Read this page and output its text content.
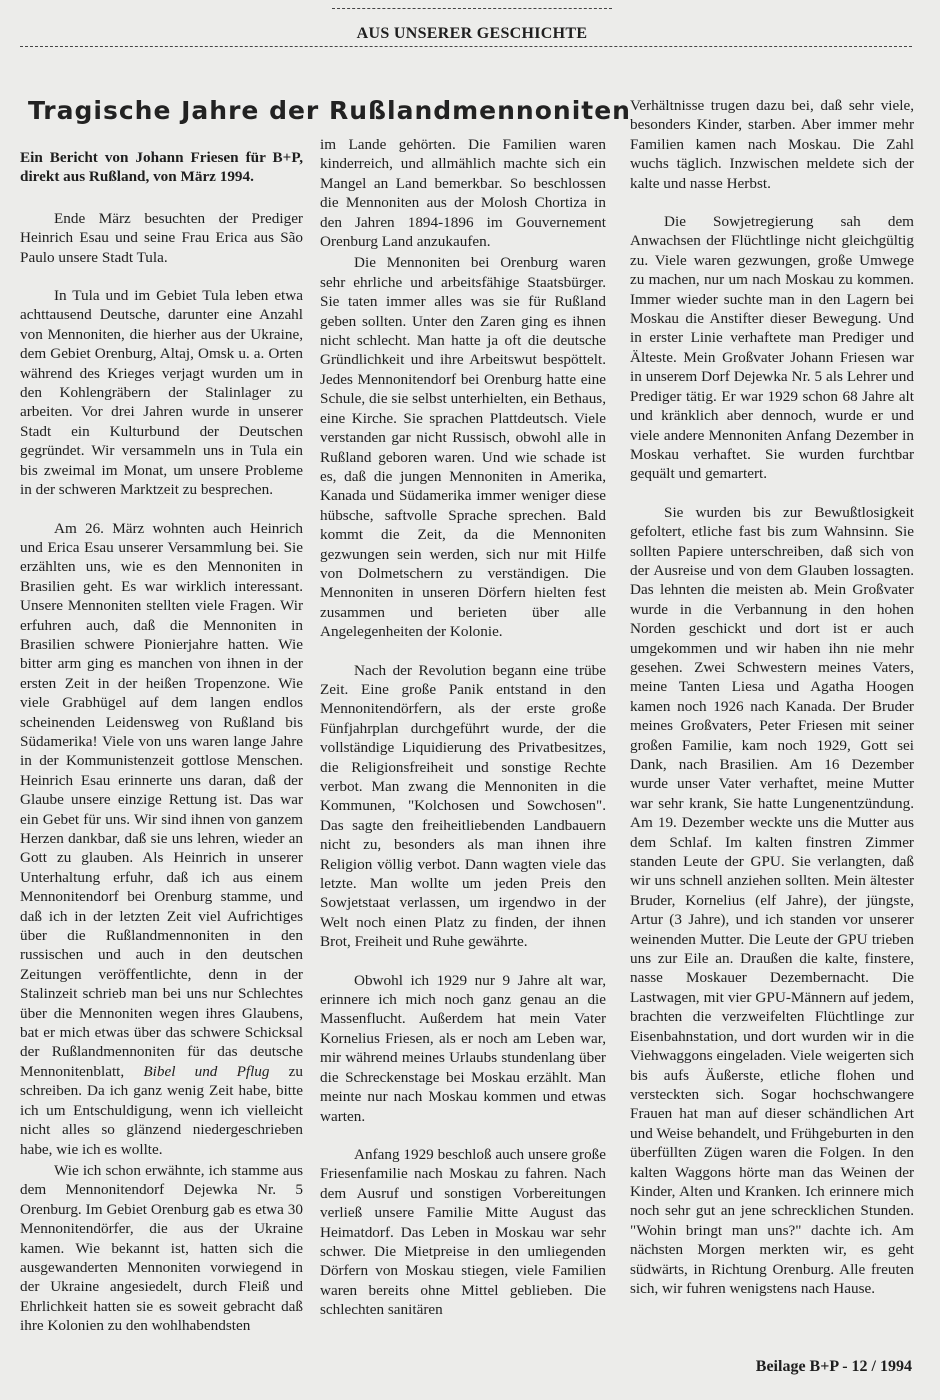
AUS UNSERER GESCHICHTE
Tragische Jahre der Rußlandmennoniten

Ein Bericht von Johann Friesen für B+P, direkt aus Rußland, von März 1994.

Ende März besuchten der Prediger Heinrich Esau und seine Frau Erica aus São Paulo unsere Stadt Tula.

In Tula und im Gebiet Tula leben etwa achttausend Deutsche, darunter eine Anzahl von Mennoniten, die hierher aus der Ukraine, dem Gebiet Orenburg, Altaj, Omsk u. a. Orten während des Krieges verjagt wurden um in den Kohlengräbern der Stalinlager zu arbeiten. Vor drei Jahren wurde in unserer Stadt ein Kulturbund der Deutschen gegründet. Wir versammeln uns in Tula ein bis zweimal im Monat, um unsere Probleme in der schweren Marktzeit zu besprechen.

Am 26. März wohnten auch Heinrich und Erica Esau unserer Versammlung bei. Sie erzählten uns, wie es den Mennoniten in Brasilien geht. Es war wirklich interessant. Unsere Mennoniten stellten viele Fragen. Wir erfuhren auch, daß die Mennoniten in Brasilien schwere Pionierjahre hatten. Wie bitter arm ging es manchen von ihnen in der ersten Zeit in der heißen Tropenzone. Wie viele Grabhügel auf dem langen endlos scheinenden Leidensweg von Rußland bis Südamerika! Viele von uns waren lange Jahre in der Kommunistenzeit gottlose Menschen. Heinrich Esau erinnerte uns daran, daß der Glaube unsere einzige Rettung ist. Das war ein Gebet für uns. Wir sind ihnen von ganzem Herzen dankbar, daß sie uns lehren, wieder an Gott zu glauben. Als Heinrich in unserer Unterhaltung erfuhr, daß ich aus einem Mennonitendorf bei Orenburg stamme, und daß ich in der letzten Zeit viel Aufrichtiges über die Rußlandmennoniten in den russischen und auch in den deutschen Zeitungen veröffentlichte, denn in der Stalinzeit schrieb man bei uns nur Schlechtes über die Mennoniten wegen ihres Glaubens, bat er mich etwas über das schwere Schicksal der Rußlandmennoniten für das deutsche Mennonitenblatt, Bibel und Pflug zu schreiben. Da ich ganz wenig Zeit habe, bitte ich um Entschuldigung, wenn ich vielleicht nicht alles so glänzend niedergeschrieben habe, wie ich es wollte.

Wie ich schon erwähnte, ich stamme aus dem Mennonitendorf Dejewka Nr. 5 Orenburg. Im Gebiet Orenburg gab es etwa 30 Mennonitendörfer, die aus der Ukraine kamen. Wie bekannt ist, hatten sich die ausgewanderten Mennoniten vorwiegend in der Ukraine angesiedelt, durch Fleiß und Ehrlichkeit hatten sie es soweit gebracht daß ihre Kolonien zu den wohlhabendsten

im Lande gehörten. Die Familien waren kinderreich, und allmählich machte sich ein Mangel an Land bemerkbar. So beschlossen die Mennoniten aus der Molosh Chortiza in den Jahren 1894-1896 im Gouvernement Orenburg Land anzukaufen.

Die Mennoniten bei Orenburg waren sehr ehrliche und arbeitsfähige Staatsbürger. Sie taten immer alles was sie für Rußland geben sollten. Unter den Zaren ging es ihnen nicht schlecht. Man hatte ja oft die deutsche Gründlichkeit und ihre Arbeitswut bespöttelt. Jedes Mennonitendorf bei Orenburg hatte eine Schule, die sie selbst unterhielten, ein Bethaus, eine Kirche. Sie sprachen Plattdeutsch. Viele verstanden gar nicht Russisch, obwohl alle in Rußland geboren waren. Und wie schade ist es, daß die jungen Mennoniten in Amerika, Kanada und Südamerika immer weniger diese hübsche, saftvolle Sprache sprechen. Bald kommt die Zeit, da die Mennoniten gezwungen sein werden, sich nur mit Hilfe von Dolmetschern zu verständigen. Die Mennoniten in unseren Dörfern hielten fest zusammen und berieten über alle Angelegenheiten der Kolonie.

Nach der Revolution begann eine trübe Zeit. Eine große Panik entstand in den Mennonitendörfern, als der erste große Fünfjahrplan durchgeführt wurde, der die vollständige Liquidierung des Privatbesitzes, die Religionsfreiheit und sonstige Rechte verbot. Man zwang die Mennoniten in die Kommunen, "Kolchosen und Sowchosen". Das sagte den freiheitliebenden Landbauern nicht zu, besonders als man ihnen ihre Religion völlig verbot. Dann wagten viele das letzte. Man wollte um jeden Preis den Sowjetstaat verlassen, um irgendwo in der Welt noch einen Platz zu finden, der ihnen Brot, Freiheit und Ruhe gewährte.

Obwohl ich 1929 nur 9 Jahre alt war, erinnere ich mich noch ganz genau an die Massenflucht. Außerdem hat mein Vater Kornelius Friesen, als er noch am Leben war, mir während meines Urlaubs stundenlang über die Schreckenstage bei Moskau erzählt. Man meinte nur nach Moskau kommen und etwas warten.

Anfang 1929 beschloß auch unsere große Friesenfamilie nach Moskau zu fahren. Nach dem Ausruf und sonstigen Vorbereitungen verließ unsere Familie Mitte August das Heimatdorf. Das Leben in Moskau war sehr schwer. Die Mietpreise in den umliegenden Dörfern von Moskau stiegen, viele Familien waren bereits ohne Mittel geblieben. Die schlechten sanitären

Verhältnisse trugen dazu bei, daß sehr viele, besonders Kinder, starben. Aber immer mehr Familien kamen nach Moskau. Die Zahl wuchs täglich. Inzwischen meldete sich der kalte und nasse Herbst.

Die Sowjetregierung sah dem Anwachsen der Flüchtlinge nicht gleichgültig zu. Viele waren gezwungen, große Umwege zu machen, nur um nach Moskau zu kommen. Immer wieder suchte man in den Lagern bei Moskau die Anstifter dieser Bewegung. Und in erster Linie verhaftete man Prediger und Älteste. Mein Großvater Johann Friesen war in unserem Dorf Dejewka Nr. 5 als Lehrer und Prediger tätig. Er war 1929 schon 68 Jahre alt und kränklich aber dennoch, wurde er und viele andere Mennoniten Anfang Dezember in Moskau verhaftet. Sie wurden furchtbar gequält und gemartert.

Sie wurden bis zur Bewußtlosigkeit gefoltert, etliche fast bis zum Wahnsinn. Sie sollten Papiere unterschreiben, daß sich von der Ausreise und von dem Glauben lossagten. Das lehnten die meisten ab. Mein Großvater wurde in die Verbannung in den hohen Norden geschickt und dort ist er auch umgekommen und wir haben ihn nie mehr gesehen. Zwei Schwestern meines Vaters, meine Tanten Liesa und Agatha Hoogen kamen noch 1926 nach Kanada. Der Bruder meines Großvaters, Peter Friesen mit seiner großen Familie, kam noch 1929, Gott sei Dank, nach Brasilien. Am 16 Dezember wurde unser Vater verhaftet, meine Mutter war sehr krank, Sie hatte Lungenentzündung. Am 19. Dezember weckte uns die Mutter aus dem Schlaf. Im kalten finstren Zimmer standen Leute der GPU. Sie verlangten, daß wir uns schnell anziehen sollten. Mein ältester Bruder, Kornelius (elf Jahre), der jüngste, Artur (3 Jahre), und ich standen vor unserer weinenden Mutter. Die Leute der GPU trieben uns zur Eile an. Draußen die kalte, finstere, nasse Moskauer Dezembernacht. Die Lastwagen, mit vier GPU-Männern auf jedem, brachten die verzweifelten Flüchtlinge zur Eisenbahnstation, und dort wurden wir in die Viehwaggons eingeladen. Viele weigerten sich bis aufs Äußerste, etliche flohen und versteckten sich. Sogar hochschwangere Frauen hat man auf dieser schändlichen Art und Weise behandelt, und Frühgeburten in den überfüllten Zügen waren die Folgen. In den kalten Waggons hörte man das Weinen der Kinder, Alten und Kranken. Ich erinnere mich noch sehr gut an jene schrecklichen Stunden. "Wohin bringt man uns?" dachte ich. Am nächsten Morgen merkten wir, es geht südwärts, in Richtung Orenburg. Alle freuten sich, wir fuhren wenigstens nach Hause.

Beilage B+P - 12 / 1994
